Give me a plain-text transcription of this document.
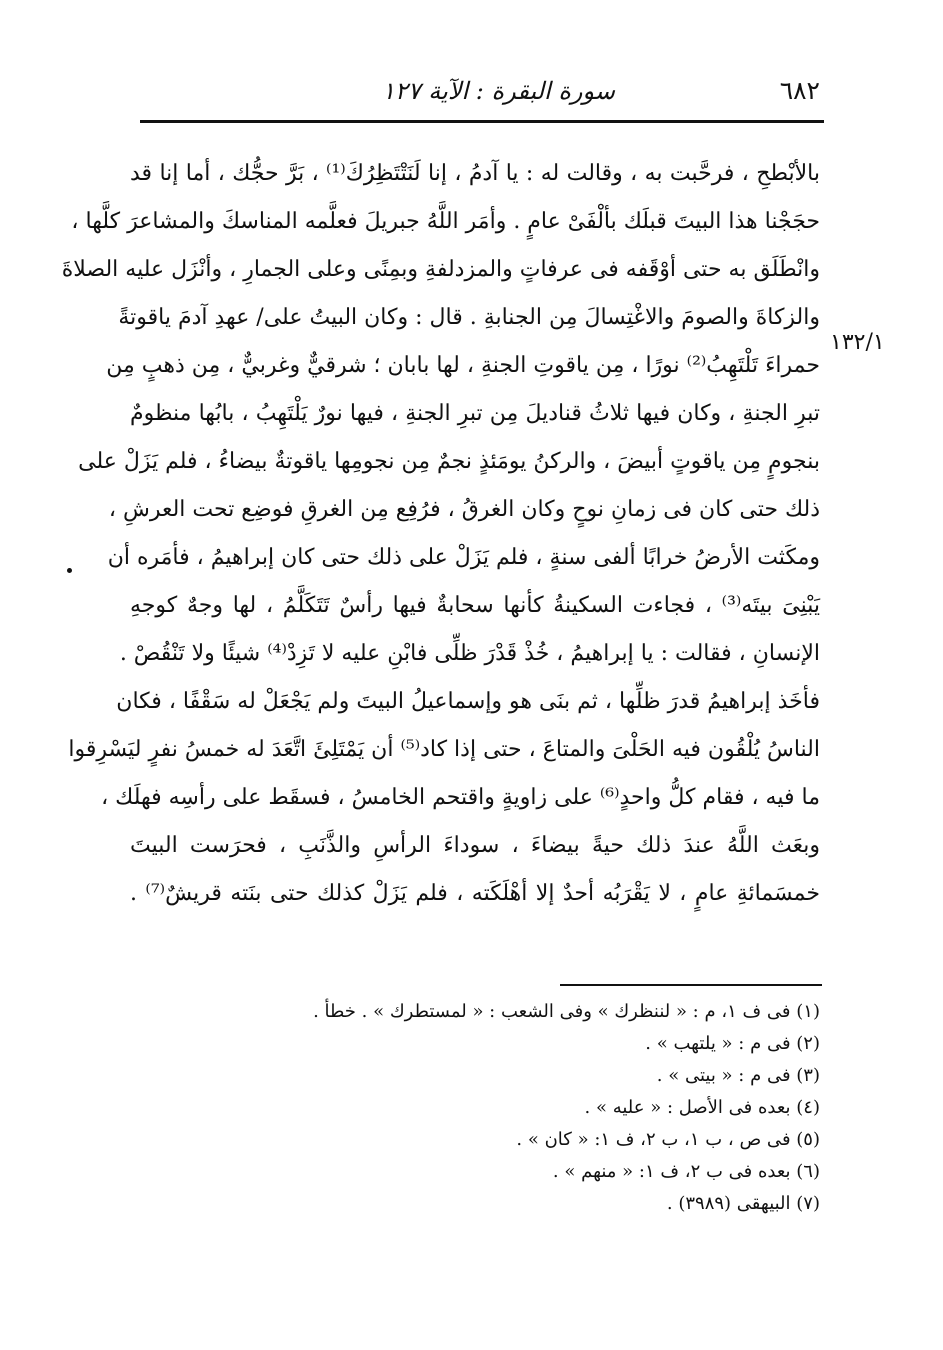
٦٨٢
سورة البقرة : الآية ١٢٧
١٣٢/١
بالأبْطحِ ، فرحَّبت به ، وقالت له : يا آدمُ ، إنا لَنَتْتَظِرُكَ⁽¹⁾ ، بَرَّ حجُّك ، أما إنا قد
حجَجْنا هذا البيتَ قبلَك بألْفَىْ عامٍ . وأمَر اللَّهُ جبريلَ فعلَّمه المناسكَ والمشاعرَ كلَّها ،
وانْطَلَق به حتى أوْقَفه فى عرفاتٍ والمزدلفةِ وبمِنًى وعلى الجمارِ ، وأنْزَل عليه الصلاةَ
والزكاةَ والصومَ والاغْتِسالَ مِن الجنابةِ . قال : وكان البيتُ على/ عهدِ آدمَ ياقوتةً
حمراءَ تَلْتَهِبُ⁽²⁾ نورًا ، مِن ياقوتِ الجنةِ ، لها بابان ؛ شرقيٌّ وغربيٌّ ، مِن ذهبٍ مِن
تبرِ الجنةِ ، وكان فيها ثلاثُ قناديلَ مِن تبرِ الجنةِ ، فيها نورٌ يَلْتَهِبُ ، بابُها منظومٌ
بنجومٍ مِن ياقوتٍ أبيضَ ، والركنُ يومَئذٍ نجمٌ مِن نجومِها ياقوتةٌ بيضاءُ ، فلم يَزَلْ على
ذلك حتى كان فى زمانِ نوحٍ وكان الغرقُ ، فرُفِع مِن الغرقِ فوضِع تحت العرشِ ،
ومكَثت الأرضُ خرابًا ألفى سنةٍ ، فلم يَزَلْ على ذلك حتى كان إبراهيمُ ، فأمَره أن
يَبْنِىَ بيتَه⁽³⁾ ، فجاءت السكينةُ كأنها سحابةٌ فيها رأسٌ تَتَكَلَّمُ ، لها وجهٌ كوجهِ
الإنسانِ ، فقالت : يا إبراهيمُ ، خُذْ قَدْرَ ظلِّى فابْنِ عليه لا تَزِدْ⁽⁴⁾ شيئًا ولا تَنْقُصْ .
فأخَذ إبراهيمُ قدرَ ظلِّها ، ثم بنَى هو وإسماعيلُ البيتَ ولم يَجْعَلْ له سَقْفًا ، فكان
الناسُ يُلْقُون فيه الحَلْىَ والمتاعَ ، حتى إذا كاد⁽⁵⁾ أن يَمْتَلِئَ اتَّعَدَ له خمسُ نفرٍ ليَسْرِقوا
ما فيه ، فقام كلُّ واحدٍ⁽⁶⁾ على زاويةٍ واقتحم الخامسُ ، فسقَط على رأسِه فهلَك ،
وبعَث اللَّهُ عندَ ذلك حيةً بيضاءَ ، سوداءَ الرأسِ والذَّنَبِ ، فحرَست البيتَ
خمسَمائةِ عامٍ ، لا يَقْرَبُه أحدٌ إلا أهْلَكَته ، فلم يَزَلْ كذلك حتى بنَته قريشٌ⁽⁷⁾ .
(١) فى ف ١، م : « لننظرك » وفى الشعب : « لمستطرك » . خطأ .
(٢) فى م : « يلتهب » .
(٣) فى م : « بيتى » .
(٤) بعده فى الأصل : « عليه » .
(٥) فى ص ، ب ١، ب ٢، ف ١: « كان » .
(٦) بعده فى ب ٢، ف ١: « منهم » .
(٧) البيهقى (٣٩٨٩) .
